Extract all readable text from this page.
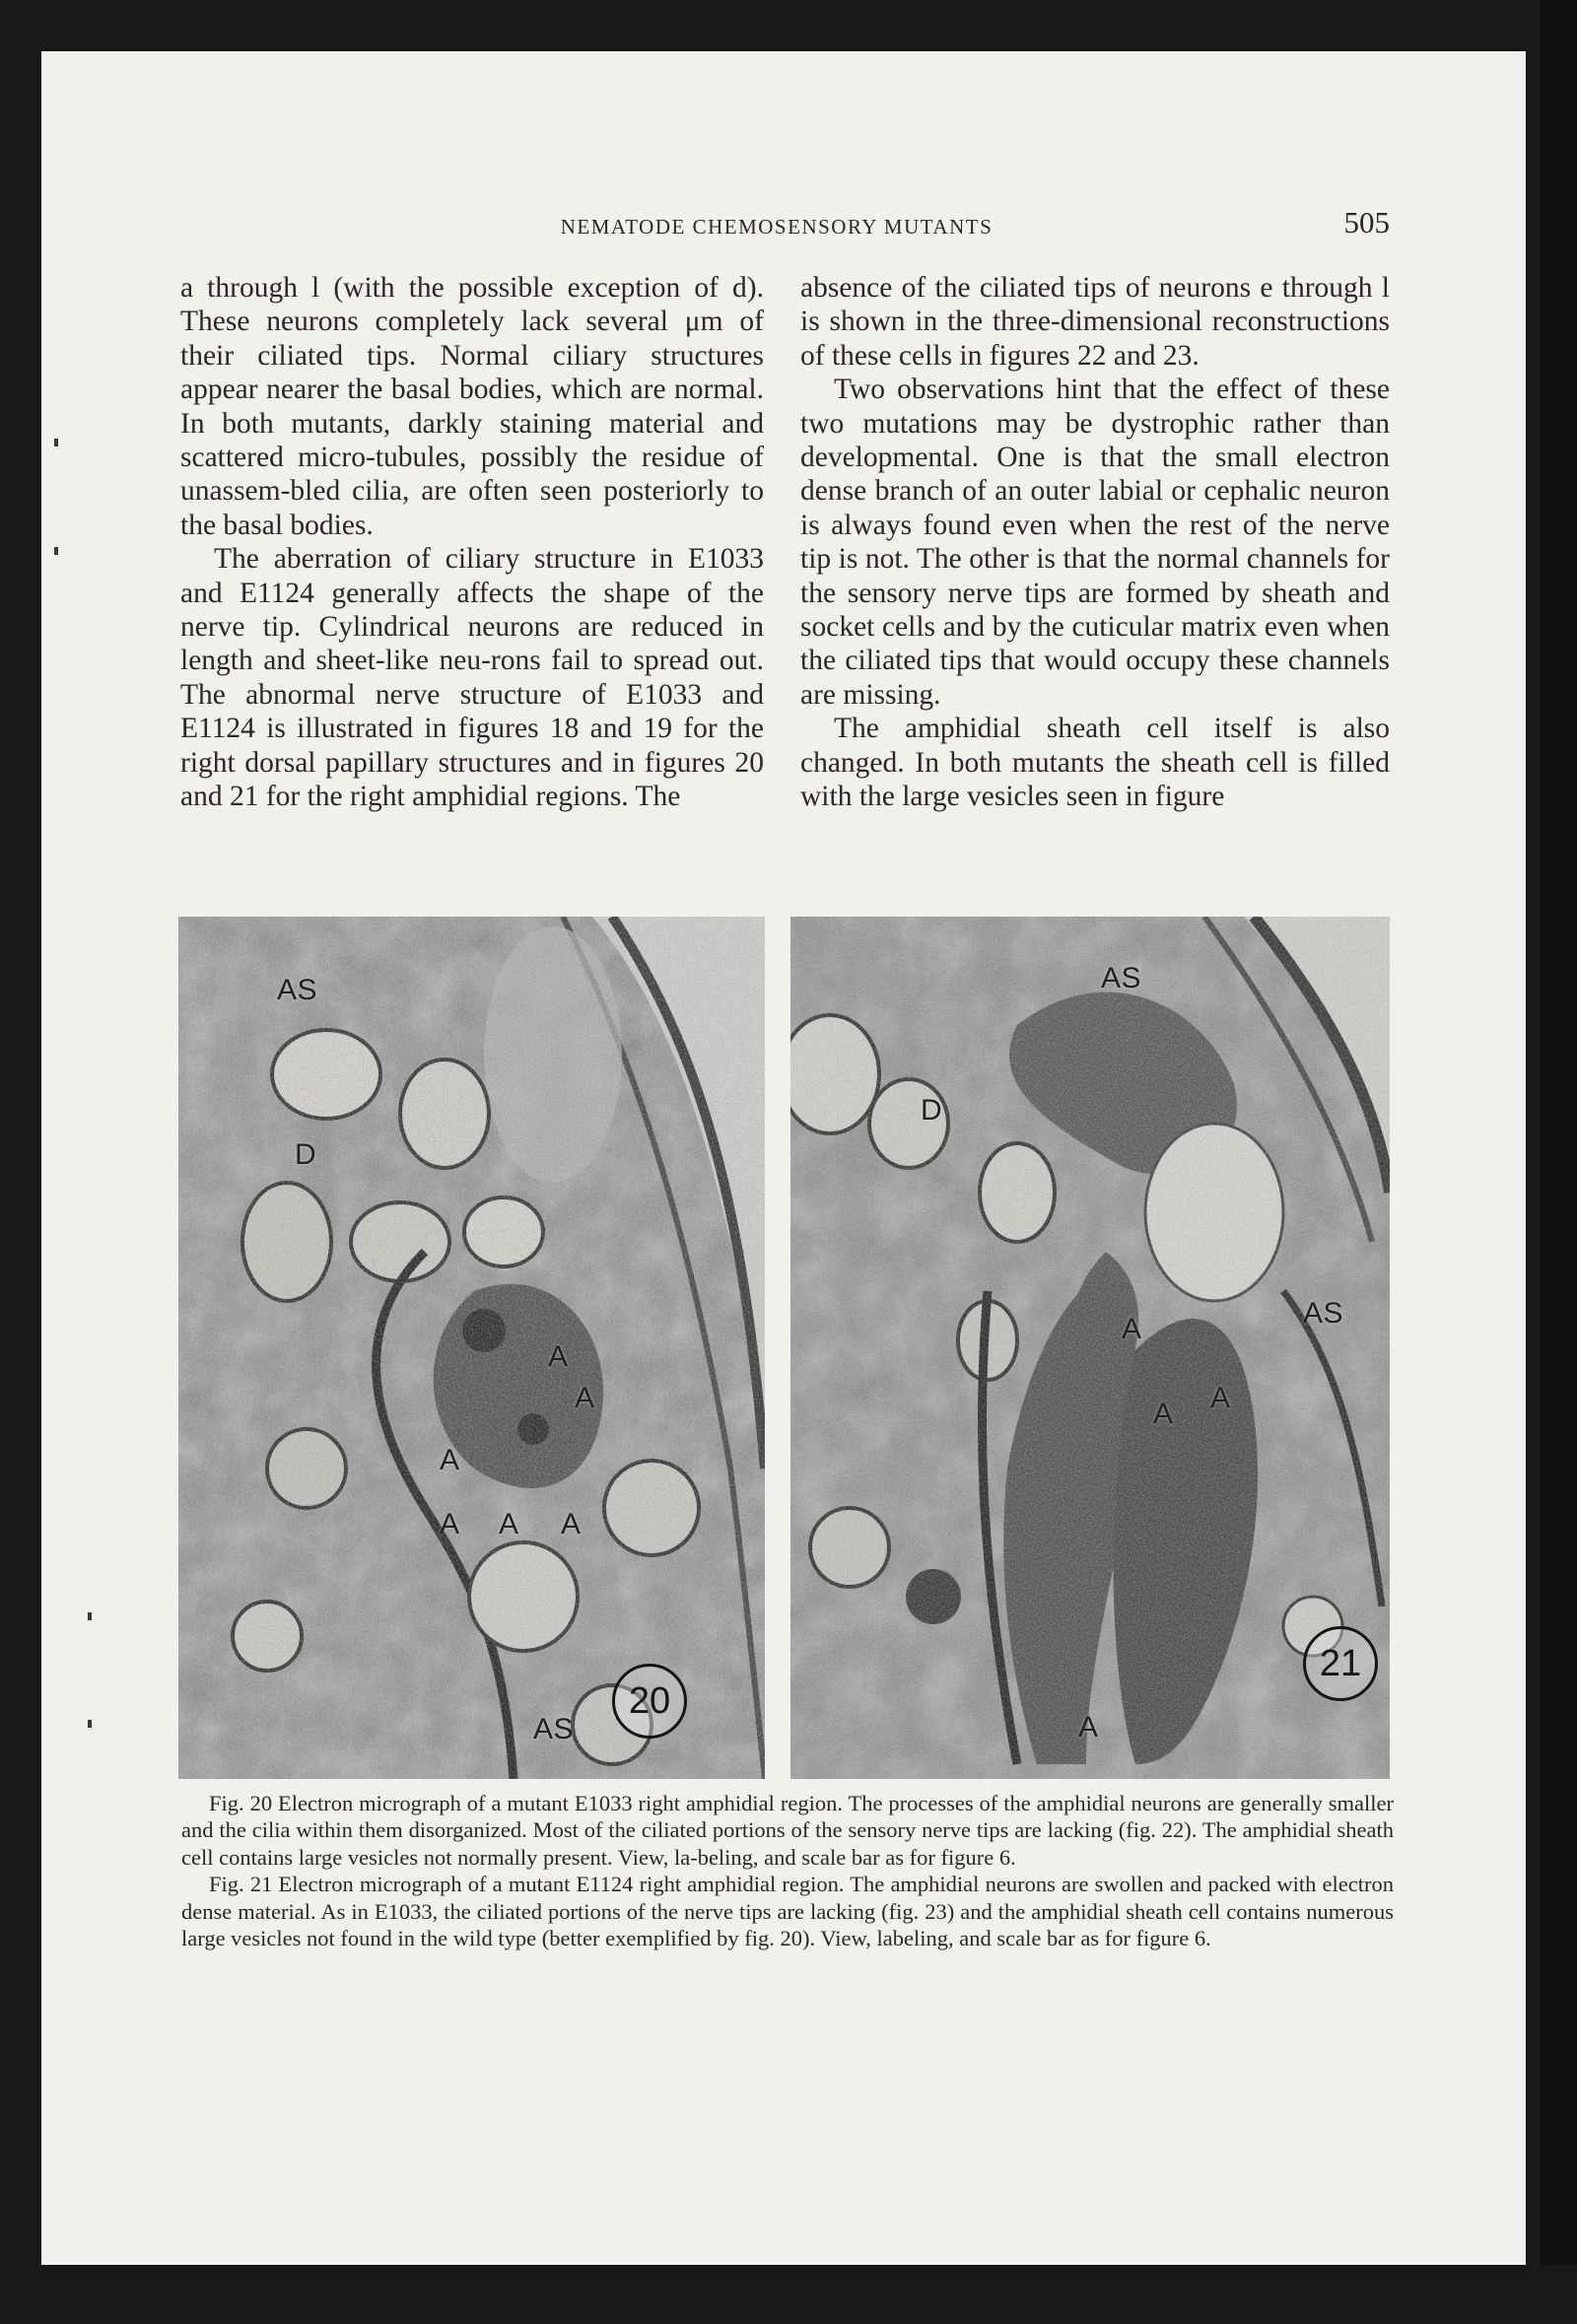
NEMATODE CHEMOSENSORY MUTANTS	505

a through l (with the possible exception of d). These neurons completely lack several μm of their ciliated tips. Normal ciliary structures appear nearer the basal bodies, which are normal. In both mutants, darkly staining material and scattered micro-tubules, possibly the residue of unassem-bled cilia, are often seen posteriorly to the basal bodies.

The aberration of ciliary structure in E1033 and E1124 generally affects the shape of the nerve tip. Cylindrical neurons are reduced in length and sheet-like neu-rons fail to spread out. The abnormal nerve structure of E1033 and E1124 is illustrated in figures 18 and 19 for the right dorsal papillary structures and in figures 20 and 21 for the right amphidial regions. The

absence of the ciliated tips of neurons e through l is shown in the three-dimensional reconstructions of these cells in figures 22 and 23.

Two observations hint that the effect of these two mutations may be dystrophic rather than developmental. One is that the small electron dense branch of an outer labial or cephalic neuron is always found even when the rest of the nerve tip is not. The other is that the normal channels for the sensory nerve tips are formed by sheath and socket cells and by the cuticular matrix even when the ciliated tips that would occupy these channels are missing.

The amphidial sheath cell itself is also changed. In both mutants the sheath cell is filled with the large vesicles seen in figure

AS
D
A
A
A
A A A
AS
20
AS
D
AS
A
A A
A
21

Fig. 20 Electron micrograph of a mutant E1033 right amphidial region. The processes of the amphidial neurons are generally smaller and the cilia within them disorganized. Most of the ciliated portions of the sensory nerve tips are lacking (fig. 22). The amphidial sheath cell contains large vesicles not normally present. View, la-beling, and scale bar as for figure 6.

Fig. 21 Electron micrograph of a mutant E1124 right amphidial region. The amphidial neurons are swollen and packed with electron dense material. As in E1033, the ciliated portions of the nerve tips are lacking (fig. 23) and the amphidial sheath cell contains numerous large vesicles not found in the wild type (better exemplified by fig. 20). View, labeling, and scale bar as for figure 6.
